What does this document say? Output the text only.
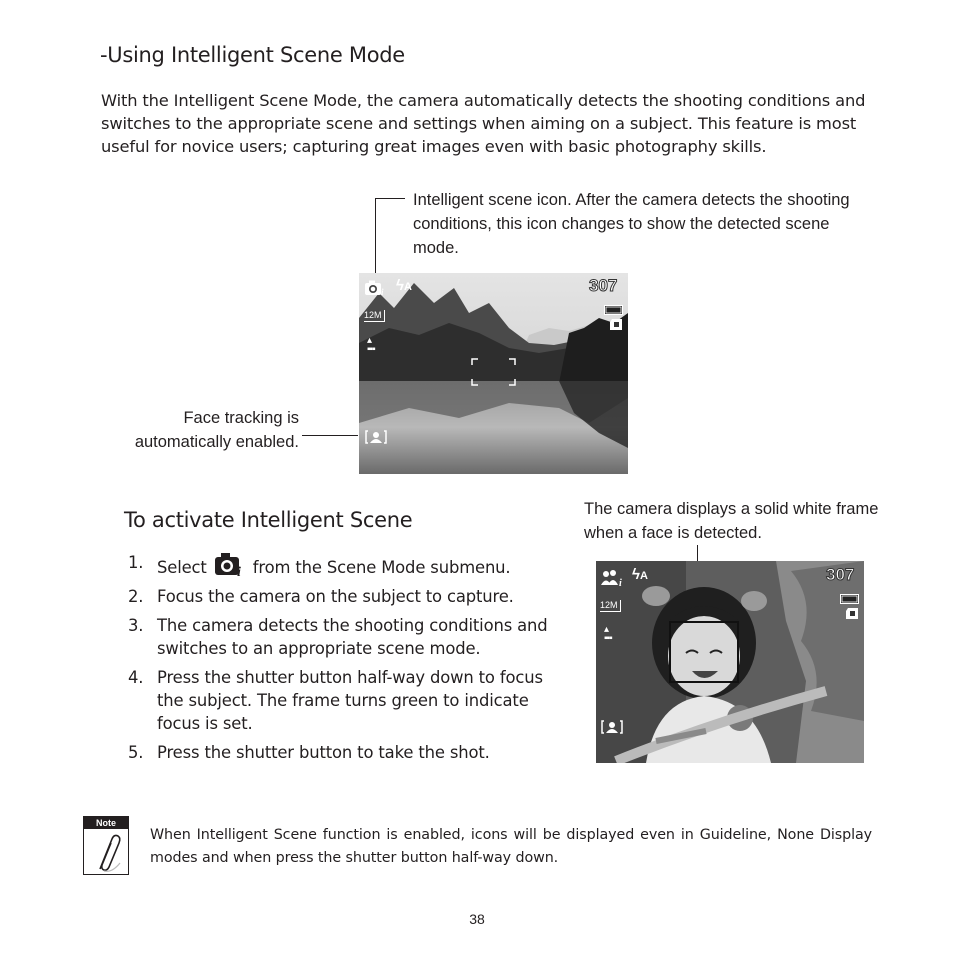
-Using Intelligent Scene Mode
With the Intelligent Scene Mode, the camera automatically detects the shooting conditions and switches to the appropriate scene and settings when aiming on a subject. This feature is most useful for novice users; capturing great images even with basic photography skills.
Intelligent scene icon. After the camera detects the shooting conditions, this icon changes to show the detected scene mode.
i ϟA	307
12M
▴
▪▪▪
Face tracking is automatically enabled.
To activate Intelligent Scene
1. Select i from the Scene Mode submenu.
2. Focus the camera on the subject to capture.
3. The camera detects the shooting conditions and switches to an appropriate scene mode.
4. Press the shutter button half-way down to focus the subject. The frame turns green to indicate focus is set.
5. Press the shutter button to take the shot.
The camera displays a solid white frame when a face is detected.
i
ϟA	307
12M
▴
▪▪▪
Note
When Intelligent Scene function is enabled, icons will be displayed even in Guideline, None Display modes and when press the shutter button half-way down.
38
